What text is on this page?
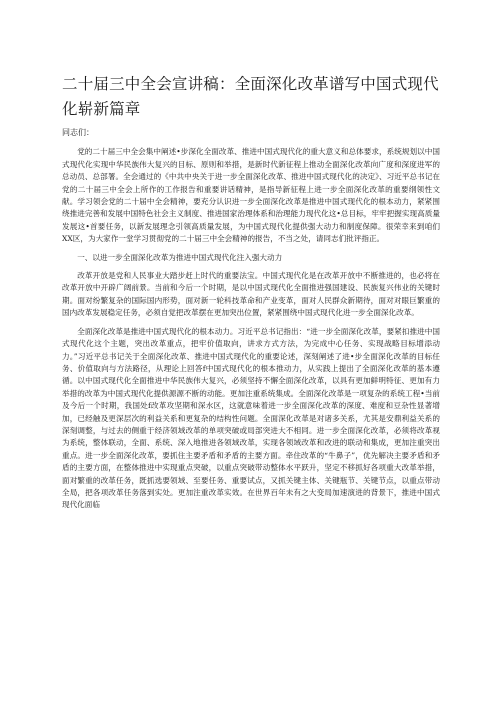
二十届三中全会宣讲稿：全面深化改革谱写中国式现代化崭新篇章

同志们：

党的二十届三中全会集中阐述•步深化全面改革、推进中国式现代化的重大意义和总体要求，系统规划以中国式现代化实现中华民族伟大复兴的目标、原则和举措，是新时代新征程上推动全面深化改革向广度和深度进军的总动员、总部署。全会通过的《中共中央关于进一步全面深化改革、推进中国式现代化的决定》、习近平总书记在党的二十届三中全会上所作的工作报告和重要讲话精神，是指导新征程上进一步全面深化改革的重要纲领性文献。学习领会党的二十届中全会精神，要充分认识进一步全面深化改革是推进中国式现代化的根本动力，紧紧围绕推进完善和发展中国特色社会主义制度、推进国家治理体系和治理能力现代化这•总目标，牢牢把握实现高质量发展这•首要任务，以新发展理念引领高质量发展，为中国式现代化提供强大动力和制度保障。很荣幸来到咱们XX区，为大家作一堂学习贯彻党的二十届三中全会精神的报告，不当之处，请同志们批评指正。

一、以进一步全面深化改革为推进中国式现代化注入强大动力

改革开放是党和人民事业大踏步赶上时代的重要法宝。中国式现代化是在改革开放中不断推进的，也必将在改革开放中开辟广阔前景。当前和今后一个时期，是以中国式现代化全面推进强国建设、民族复兴伟业的关键时期。面对纷繁复杂的国际国内形势，面对新一轮科技革命和产业变革，面对人民群众新期待，面对对眼巨繁重的国内改革发展稳定任务，必须自觉把改革摆在更加突出位置，紧紧围绕中国式现代化进一步全面深化改革。

全面深化改革是推进中国式现代化的根本动力。习近平总书记指出：“进一步全面深化改革，要紧扣推进中国式现代化这个主题，突出改革重点，把牢价值取向，讲求方式方法，为完成中心任务、实现战略目标增添动力。”习近平总书记关于全面深化改革、推进中国式现代化的重要论述，深刻阐述了进•步全面深化改革的目标任务、价值取向与方法路径，从理论上回答f中国式现代化的根本推动力，从实践上提出了全面深化改革的基本遵循。以中国式现代化全面推进中华民族伟大复兴，必须坚持不懈全面深化改革，以具有更加鲜明特征、更加有力举措的改革为中国式现代化提供源源不断的动能。更加注重系统集成。全面深化改革是一项复杂的系统工程•当前及今后一个时期，我国处f改革攻坚期和深水区，这就意味着进一步全面深化改革的深度、难度和豆杂性显著增加，已经触及更深层次的利益关系和更复杂的结构性问题。全面深化改革是对诸多关系，尤其是安鼎利益关系的深刻调整，与过去的侧重于经济领域改革的单项突破或局部突进大不相同。进一步全面深化改革，必须将改革视为系统，整体联动，全面、系统、深入地推进各领域改革，实现各领域改革和改进的联动和集成，更加注重突出重点。进一步全面深化改革，要抓住主要矛盾和矛盾的主要方面。牵住改革的“牛鼻子”，优先解决主要矛盾和矛盾的主要方面，在整体推进中实现重点突破，以重点突破带动整体水平跃升，坚定不移抓好各项重大改革举措，面对繁重的改革任务，既抓选要领域、至要任务、重要试点，又抓关键主体、关键瓶节、关键节点，以重点带动全局，把各项改革任务落到实处。更加注重改革实效。在世界百年未有之大变局加速演进的背景下，推进中国式现代化面临
